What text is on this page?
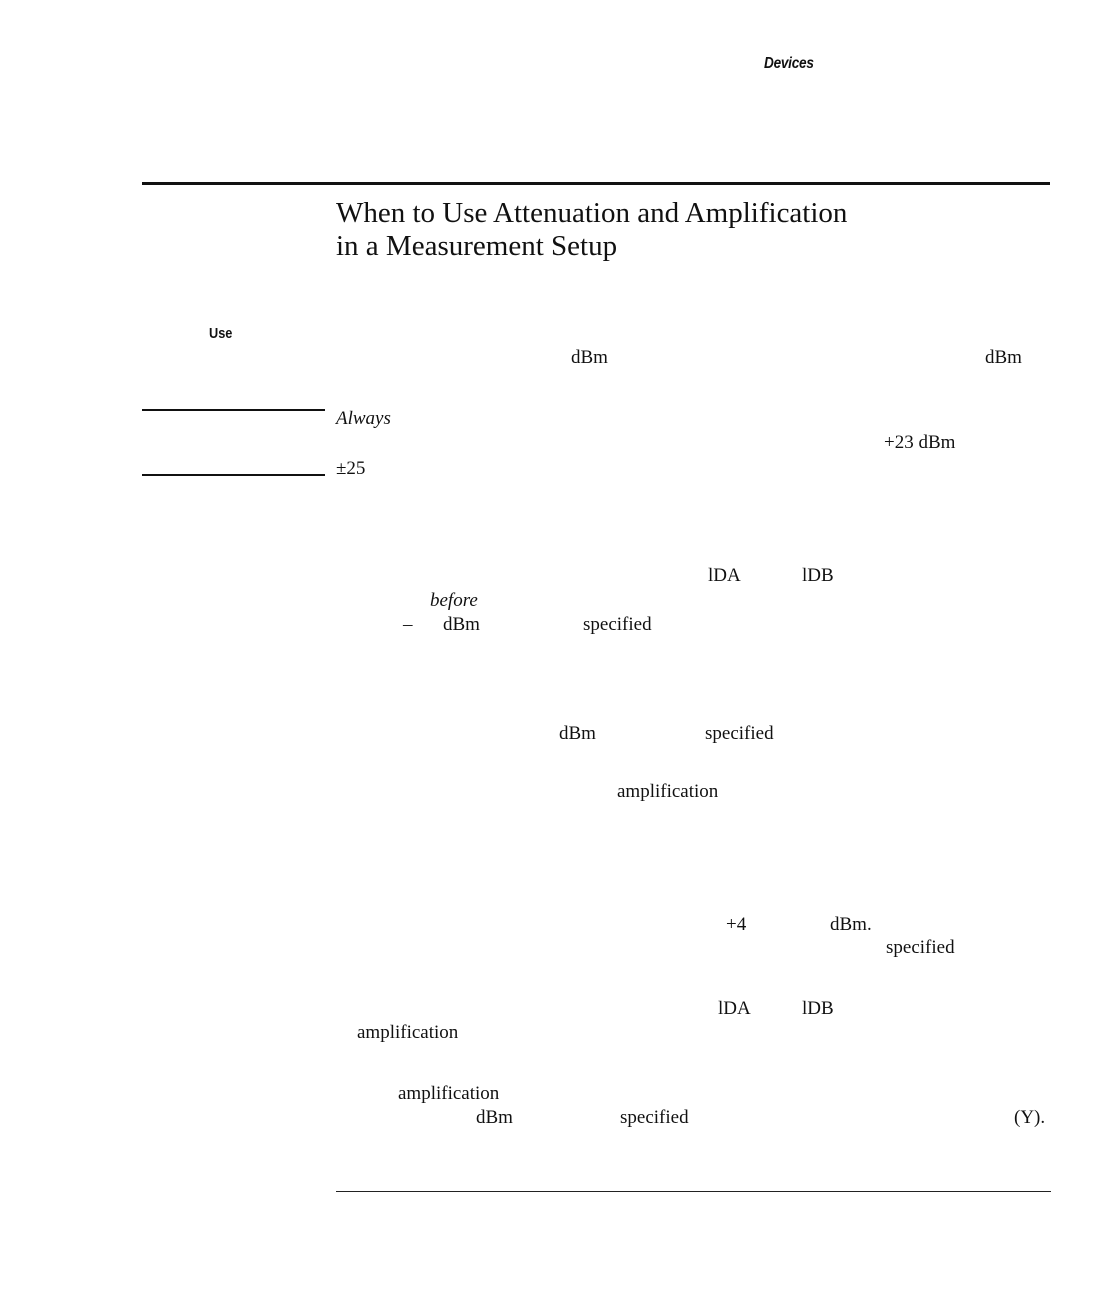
Devices
When to Use Attenuation and Amplification
in a Measurement Setup
Use
dBm	dBm
Always
+23 dBm
±25
lDA	lDB
before
– dBm	specified
dBm	specified
amplification
+4	dBm.
specified
lDA	lDB
amplification
amplification
dBm	specified	(Y).
